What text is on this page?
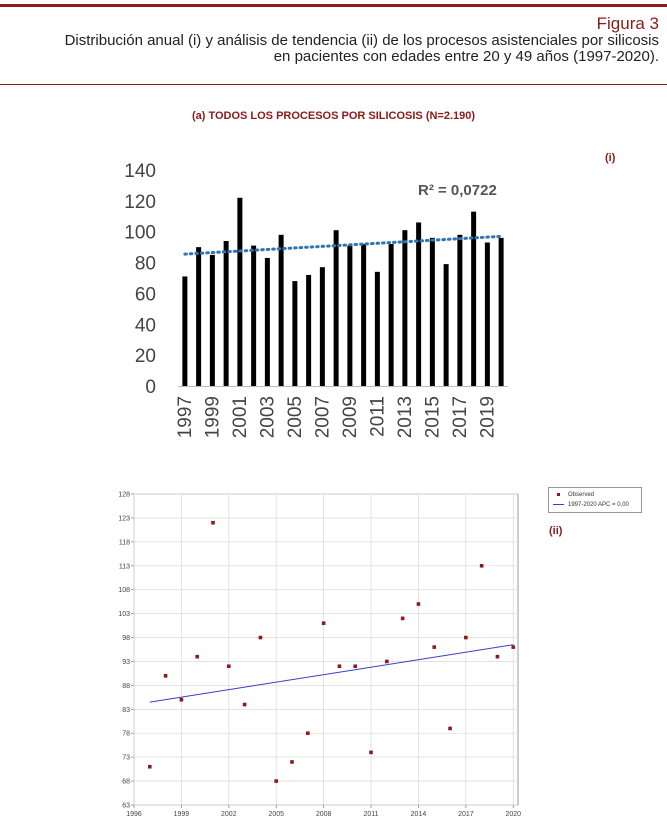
Figura 3
Distribución anual (i) y análisis de tendencia (ii) de los procesos asistenciales por silicosis
en pacientes con edades entre 20 y 49 años (1997-2020).
(a) TODOS LOS PROCESOS POR SILICOSIS (N=2.190)
(i)
0
20
40
60
80
100
120
140
R² = 0,0722
1997 1999 2001 2003 2005 2007 2009 2011 2013 2015 2017 2019
63
68
73
78
83
88
93
98
103
108
113
118
123
128
1996	1999	2002	2005	2008	2011	2014	2017	2020
Observed
1997-2020 APC = 0,00
(ii)
